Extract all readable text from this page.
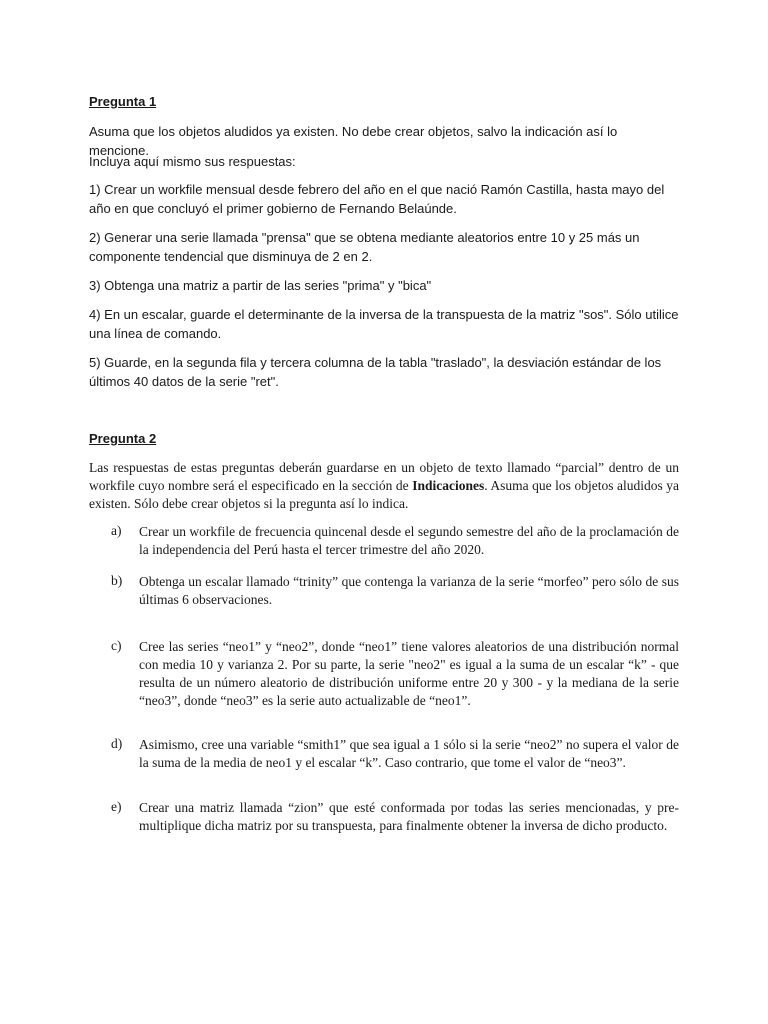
Pregunta 1
Asuma que los objetos aludidos ya existen. No debe crear objetos, salvo la indicación así lo mencione.
Incluya aquí mismo sus respuestas:
1) Crear un workfile mensual desde febrero del año en el que nació Ramón Castilla, hasta mayo del año en que concluyó el primer gobierno de Fernando Belaúnde.
2) Generar una serie llamada "prensa" que se obtena mediante aleatorios entre 10 y 25 más un componente tendencial que disminuya de 2 en 2.
3) Obtenga una matriz a partir de las series "prima" y "bica"
4) En un escalar, guarde el determinante de la inversa de la transpuesta de la matriz "sos". Sólo utilice una línea de comando.
5) Guarde, en la segunda fila y tercera columna de la tabla "traslado", la desviación estándar de los últimos 40 datos de la serie "ret".
Pregunta 2
Las respuestas de estas preguntas deberán guardarse en un objeto de texto llamado “parcial” dentro de un workfile cuyo nombre será el especificado en la sección de Indicaciones. Asuma que los objetos aludidos ya existen. Sólo debe crear objetos si la pregunta así lo indica.
a) Crear un workfile de frecuencia quincenal desde el segundo semestre del año de la proclamación de la independencia del Perú hasta el tercer trimestre del año 2020.
b) Obtenga un escalar llamado “trinity” que contenga la varianza de la serie “morfeo” pero sólo de sus últimas 6 observaciones.
c) Cree las series “neo1” y “neo2”, donde “neo1” tiene valores aleatorios de una distribución normal con media 10 y varianza 2. Por su parte, la serie "neo2" es igual a la suma de un escalar “k” - que resulta de un número aleatorio de distribución uniforme entre 20 y 300 - y la mediana de la serie “neo3”, donde “neo3” es la serie auto actualizable de “neo1”.
d) Asimismo, cree una variable “smith1” que sea igual a 1 sólo si la serie “neo2” no supera el valor de la suma de la media de neo1 y el escalar “k”. Caso contrario, que tome el valor de “neo3”.
e) Crear una matriz llamada “zion” que esté conformada por todas las series mencionadas, y pre-multiplique dicha matriz por su transpuesta, para finalmente obtener la inversa de dicho producto.
